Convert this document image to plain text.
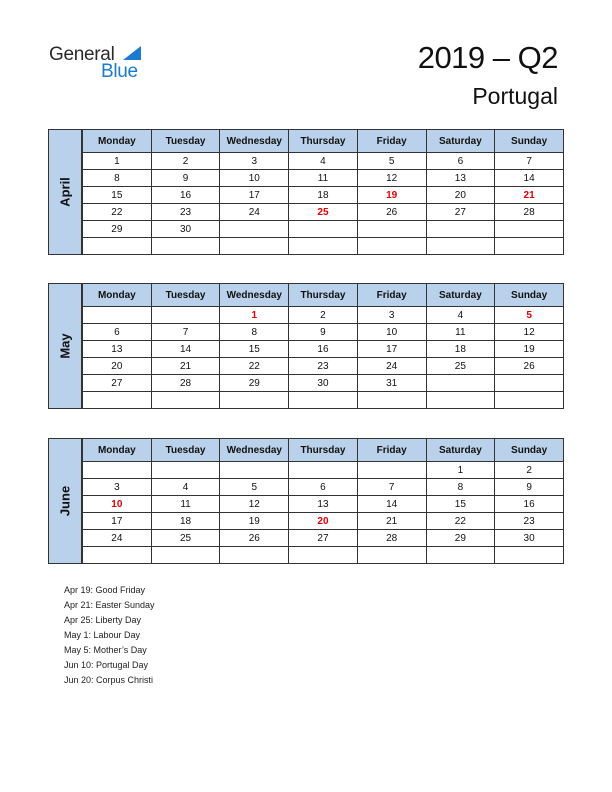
General
Blue	2019 – Q2
Portugal
Monday	Tuesday	Wednesday	Thursday	Friday	Saturday	Sunday
1	2	3	4	5	6	7
8	9	10	11	12	13	14
15	16	17	18	19	20	21
22	23	24	25	26	27	28
29	30					

April
Monday	Tuesday	Wednesday	Thursday	Friday	Saturday	Sunday
		1	2	3	4	5
6	7	8	9	10	11	12
13	14	15	16	17	18	19
20	21	22	23	24	25	26
27	28	29	30	31		

May
Monday	Tuesday	Wednesday	Thursday	Friday	Saturday	Sunday
					1	2
3	4	5	6	7	8	9
10	11	12	13	14	15	16
17	18	19	20	21	22	23
24	25	26	27	28	29	30

June
Apr 19: Good Friday
Apr 21: Easter Sunday
Apr 25: Liberty Day
May 1: Labour Day
May 5: Mother’s Day
Jun 10: Portugal Day
Jun 20: Corpus Christi
